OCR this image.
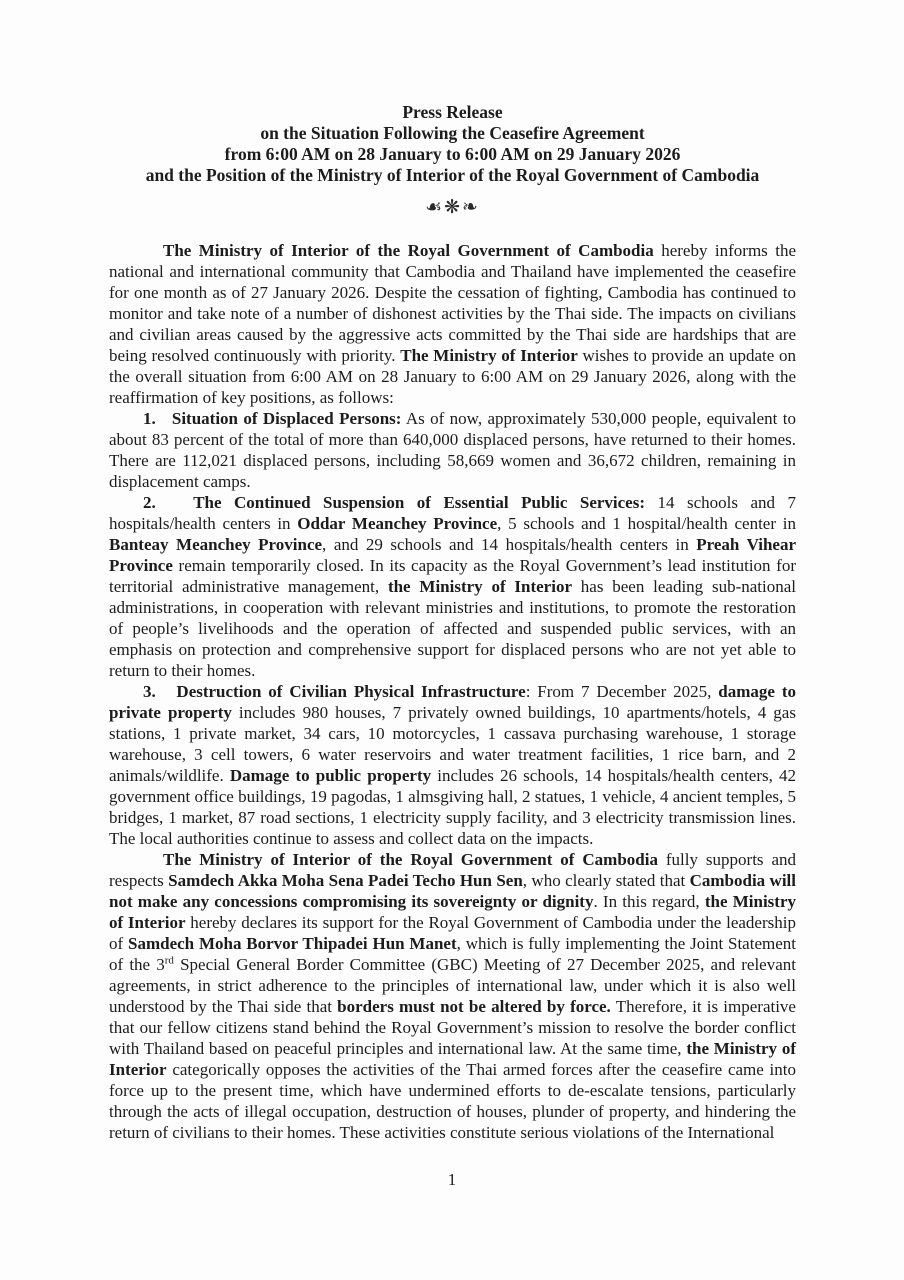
Press Release
on the Situation Following the Ceasefire Agreement
from 6:00 AM on 28 January to 6:00 AM on 29 January 2026
and the Position of the Ministry of Interior of the Royal Government of Cambodia
☙❋❧

The Ministry of Interior of the Royal Government of Cambodia hereby informs the national and international community that Cambodia and Thailand have implemented the ceasefire for one month as of 27 January 2026. Despite the cessation of fighting, Cambodia has continued to monitor and take note of a number of dishonest activities by the Thai side. The impacts on civilians and civilian areas caused by the aggressive acts committed by the Thai side are hardships that are being resolved continuously with priority. The Ministry of Interior wishes to provide an update on the overall situation from 6:00 AM on 28 January to 6:00 AM on 29 January 2026, along with the reaffirmation of key positions, as follows:

1.   Situation of Displaced Persons: As of now, approximately 530,000 people, equivalent to about 83 percent of the total of more than 640,000 displaced persons, have returned to their homes. There are 112,021 displaced persons, including 58,669 women and 36,672 children, remaining in displacement camps.

2.   The Continued Suspension of Essential Public Services: 14 schools and 7 hospitals/health centers in Oddar Meanchey Province, 5 schools and 1 hospital/health center in Banteay Meanchey Province, and 29 schools and 14 hospitals/health centers in Preah Vihear Province remain temporarily closed. In its capacity as the Royal Government’s lead institution for territorial administrative management, the Ministry of Interior has been leading sub-national administrations, in cooperation with relevant ministries and institutions, to promote the restoration of people’s livelihoods and the operation of affected and suspended public services, with an emphasis on protection and comprehensive support for displaced persons who are not yet able to return to their homes.

3.   Destruction of Civilian Physical Infrastructure: From 7 December 2025, damage to private property includes 980 houses, 7 privately owned buildings, 10 apartments/hotels, 4 gas stations, 1 private market, 34 cars, 10 motorcycles, 1 cassava purchasing warehouse, 1 storage warehouse, 3 cell towers, 6 water reservoirs and water treatment facilities, 1 rice barn, and 2 animals/wildlife. Damage to public property includes 26 schools, 14 hospitals/health centers, 42 government office buildings, 19 pagodas, 1 almsgiving hall, 2 statues, 1 vehicle, 4 ancient temples, 5 bridges, 1 market, 87 road sections, 1 electricity supply facility, and 3 electricity transmission lines. The local authorities continue to assess and collect data on the impacts.

The Ministry of Interior of the Royal Government of Cambodia fully supports and respects Samdech Akka Moha Sena Padei Techo Hun Sen, who clearly stated that Cambodia will not make any concessions compromising its sovereignty or dignity. In this regard, the Ministry of Interior hereby declares its support for the Royal Government of Cambodia under the leadership of Samdech Moha Borvor Thipadei Hun Manet, which is fully implementing the Joint Statement of the 3rd Special General Border Committee (GBC) Meeting of 27 December 2025, and relevant agreements, in strict adherence to the principles of international law, under which it is also well understood by the Thai side that borders must not be altered by force. Therefore, it is imperative that our fellow citizens stand behind the Royal Government’s mission to resolve the border conflict with Thailand based on peaceful principles and international law. At the same time, the Ministry of Interior categorically opposes the activities of the Thai armed forces after the ceasefire came into force up to the present time, which have undermined efforts to de-escalate tensions, particularly through the acts of illegal occupation, destruction of houses, plunder of property, and hindering the return of civilians to their homes. These activities constitute serious violations of the International

1
